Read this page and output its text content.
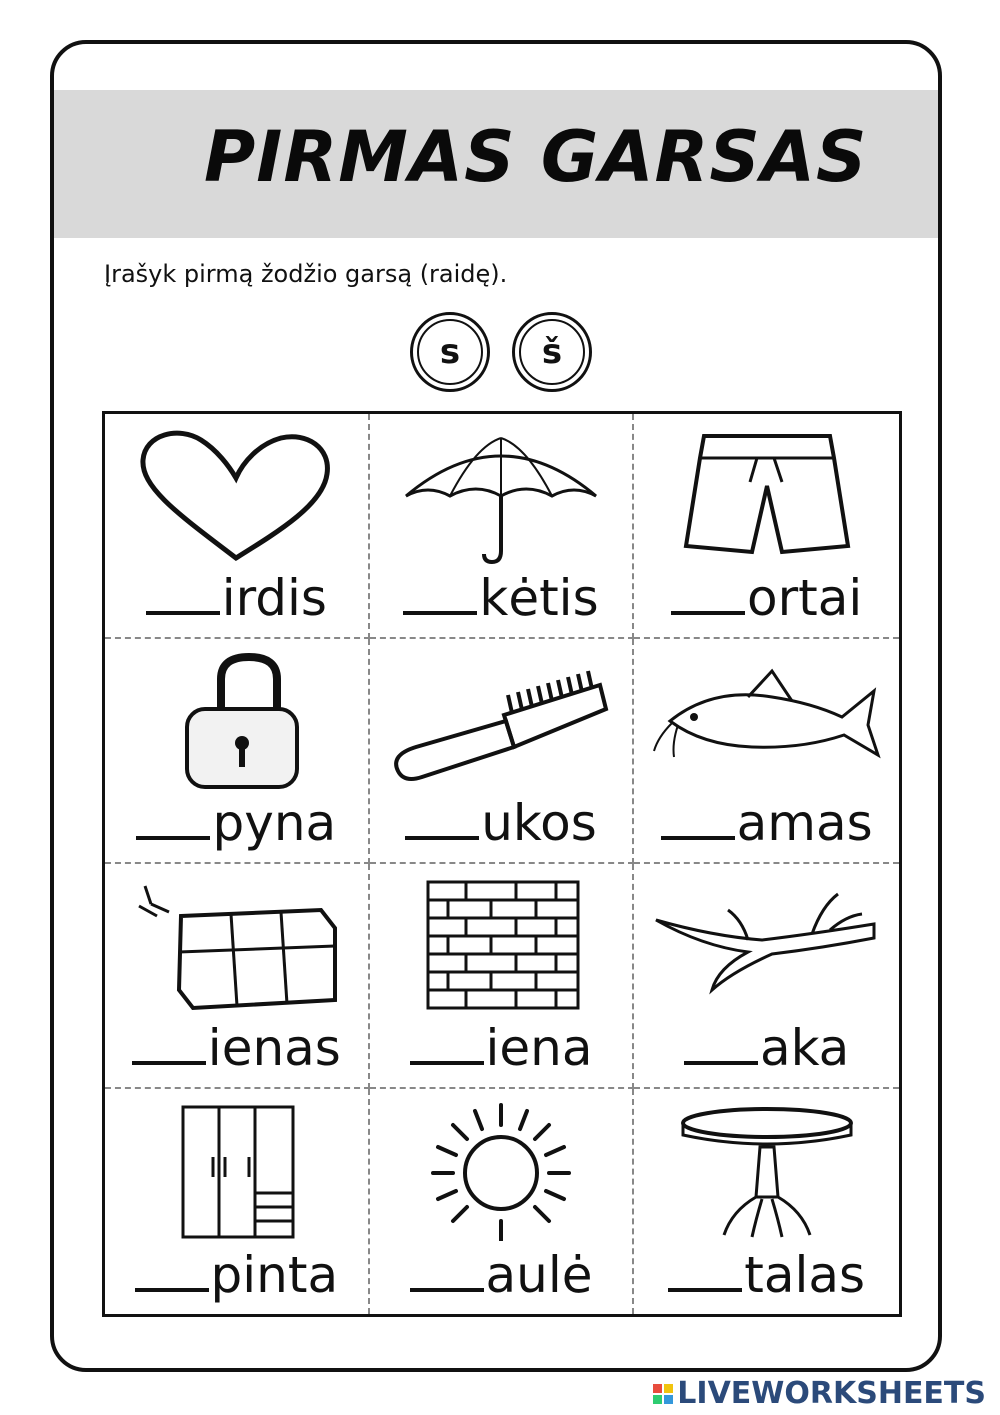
PIRMAS GARSAS
Įrašyk pirmą žodžio garsą (raidę).
s	š
irdis	kėtis	ortai
pyna	ukos	amas
ienas	iena	aka
pinta	aulė	talas
LIVEWORKSHEETS
